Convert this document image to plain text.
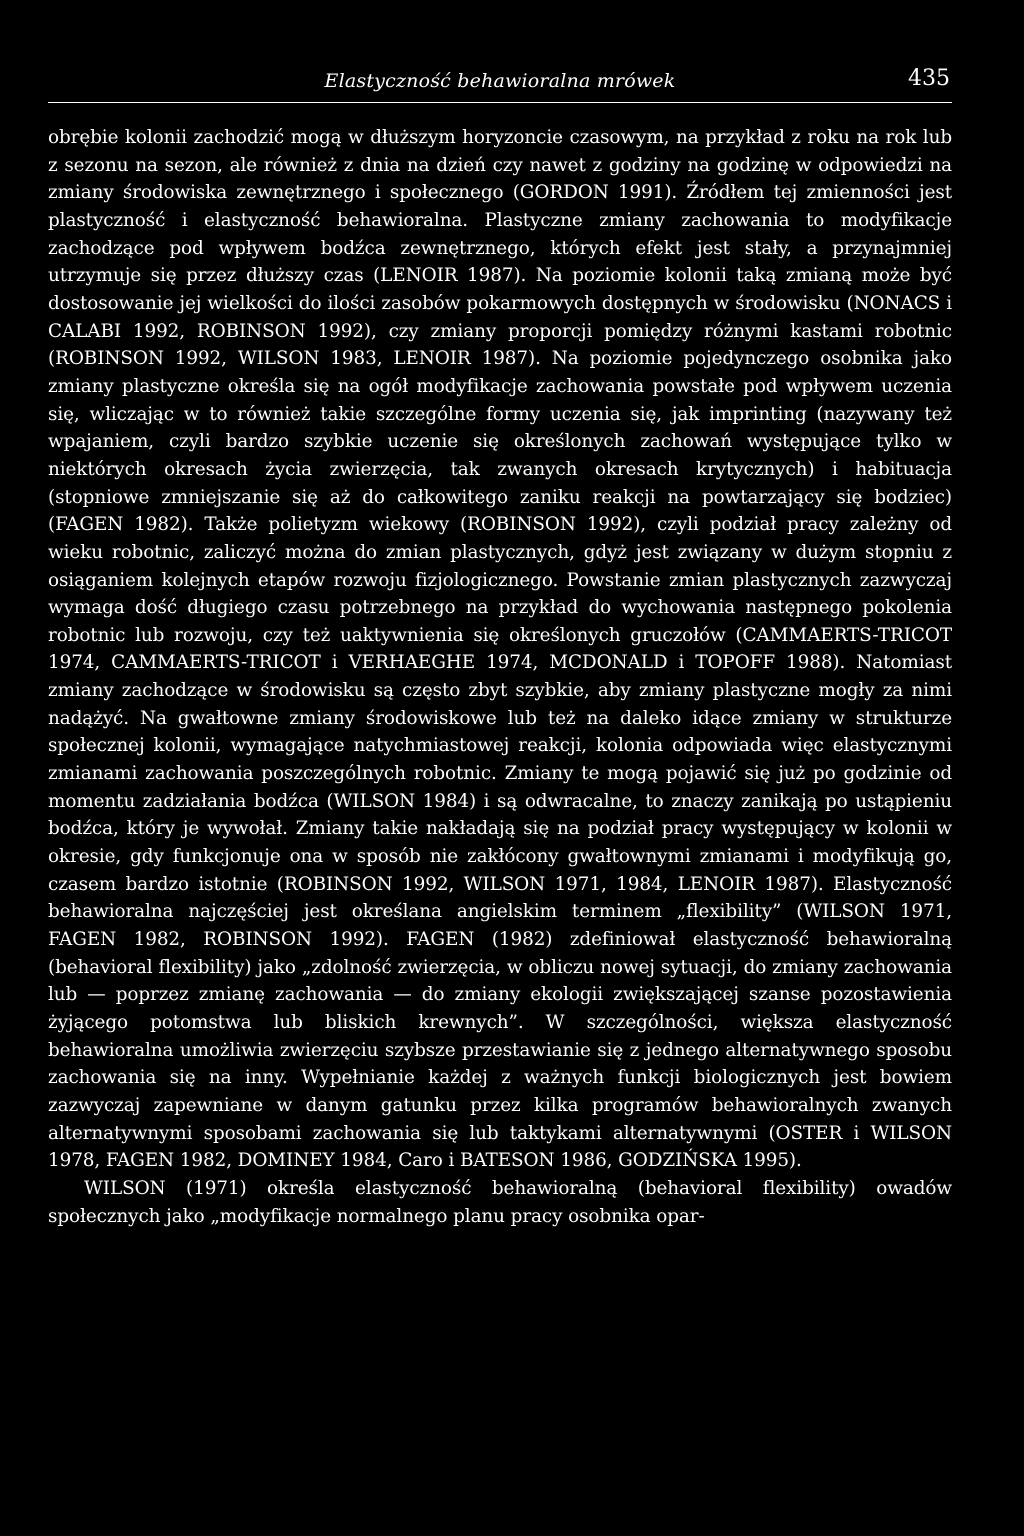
Elastyczność behawioralna mrówek	435

obrębie kolonii zachodzić mogą w dłuższym horyzoncie czasowym, na przykład z roku na rok lub z sezonu na sezon, ale również z dnia na dzień czy nawet z godziny na godzinę w odpowiedzi na zmiany środowiska zewnętrznego i społecznego (GORDON 1991). Źródłem tej zmienności jest plastyczność i elastyczność behawioralna. Plastyczne zmiany zachowania to modyfikacje zachodzące pod wpływem bodźca zewnętrznego, których efekt jest stały, a przynajmniej utrzymuje się przez dłuższy czas (LENOIR 1987). Na poziomie kolonii taką zmianą może być dostosowanie jej wielkości do ilości zasobów pokarmowych dostępnych w środowisku (NONACS i CALABI 1992, ROBINSON 1992), czy zmiany proporcji pomiędzy różnymi kastami robotnic (ROBINSON 1992, WILSON 1983, LENOIR 1987). Na poziomie pojedynczego osobnika jako zmiany plastyczne określa się na ogół modyfikacje zachowania powstałe pod wpływem uczenia się, wliczając w to również takie szczególne formy uczenia się, jak imprinting (nazywany też wpajaniem, czyli bardzo szybkie uczenie się określonych zachowań występujące tylko w niektórych okresach życia zwierzęcia, tak zwanych okresach krytycznych) i habituacja (stopniowe zmniejszanie się aż do całkowitego zaniku reakcji na powtarzający się bodziec) (FAGEN 1982). Także polietyzm wiekowy (ROBINSON 1992), czyli podział pracy zależny od wieku robotnic, zaliczyć można do zmian plastycznych, gdyż jest związany w dużym stopniu z osiąganiem kolejnych etapów rozwoju fizjologicznego. Powstanie zmian plastycznych zazwyczaj wymaga dość długiego czasu potrzebnego na przykład do wychowania następnego pokolenia robotnic lub rozwoju, czy też uaktywnienia się określonych gruczołów (CAMMAERTS-TRICOT 1974, CAMMAERTS-TRICOT i VERHAEGHE 1974, MCDONALD i TOPOFF 1988). Natomiast zmiany zachodzące w środowisku są często zbyt szybkie, aby zmiany plastyczne mogły za nimi nadążyć. Na gwałtowne zmiany środowiskowe lub też na daleko idące zmiany w strukturze społecznej kolonii, wymagające natychmiastowej reakcji, kolonia odpowiada więc elastycznymi zmianami zachowania poszczególnych robotnic. Zmiany te mogą pojawić się już po godzinie od momentu zadziałania bodźca (WILSON 1984) i są odwracalne, to znaczy zanikają po ustąpieniu bodźca, który je wywołał. Zmiany takie nakładają się na podział pracy występujący w kolonii w okresie, gdy funkcjonuje ona w sposób nie zakłócony gwałtownymi zmianami i modyfikują go, czasem bardzo istotnie (ROBINSON 1992, WILSON 1971, 1984, LENOIR 1987). Elastyczność behawioralna najczęściej jest określana angielskim terminem „flexibility” (WILSON 1971, FAGEN 1982, ROBINSON 1992). FAGEN (1982) zdefiniował elastyczność behawioralną (behavioral flexibility) jako „zdolność zwierzęcia, w obliczu nowej sytuacji, do zmiany zachowania lub — poprzez zmianę zachowania — do zmiany ekologii zwiększającej szanse pozostawienia żyjącego potomstwa lub bliskich krewnych”. W szczególności, większa elastyczność behawioralna umożliwia zwierzęciu szybsze przestawianie się z jednego alternatywnego sposobu zachowania się na inny. Wypełnianie każdej z ważnych funkcji biologicznych jest bowiem zazwyczaj zapewniane w danym gatunku przez kilka programów behawioralnych zwanych alternatywnymi sposobami zachowania się lub taktykami alternatywnymi (OSTER i WILSON 1978, FAGEN 1982, DOMINEY 1984, Caro i BATESON 1986, GODZIŃSKA 1995).

WILSON (1971) określa elastyczność behawioralną (behavioral flexibility) owadów społecznych jako „modyfikacje normalnego planu pracy osobnika opar-
